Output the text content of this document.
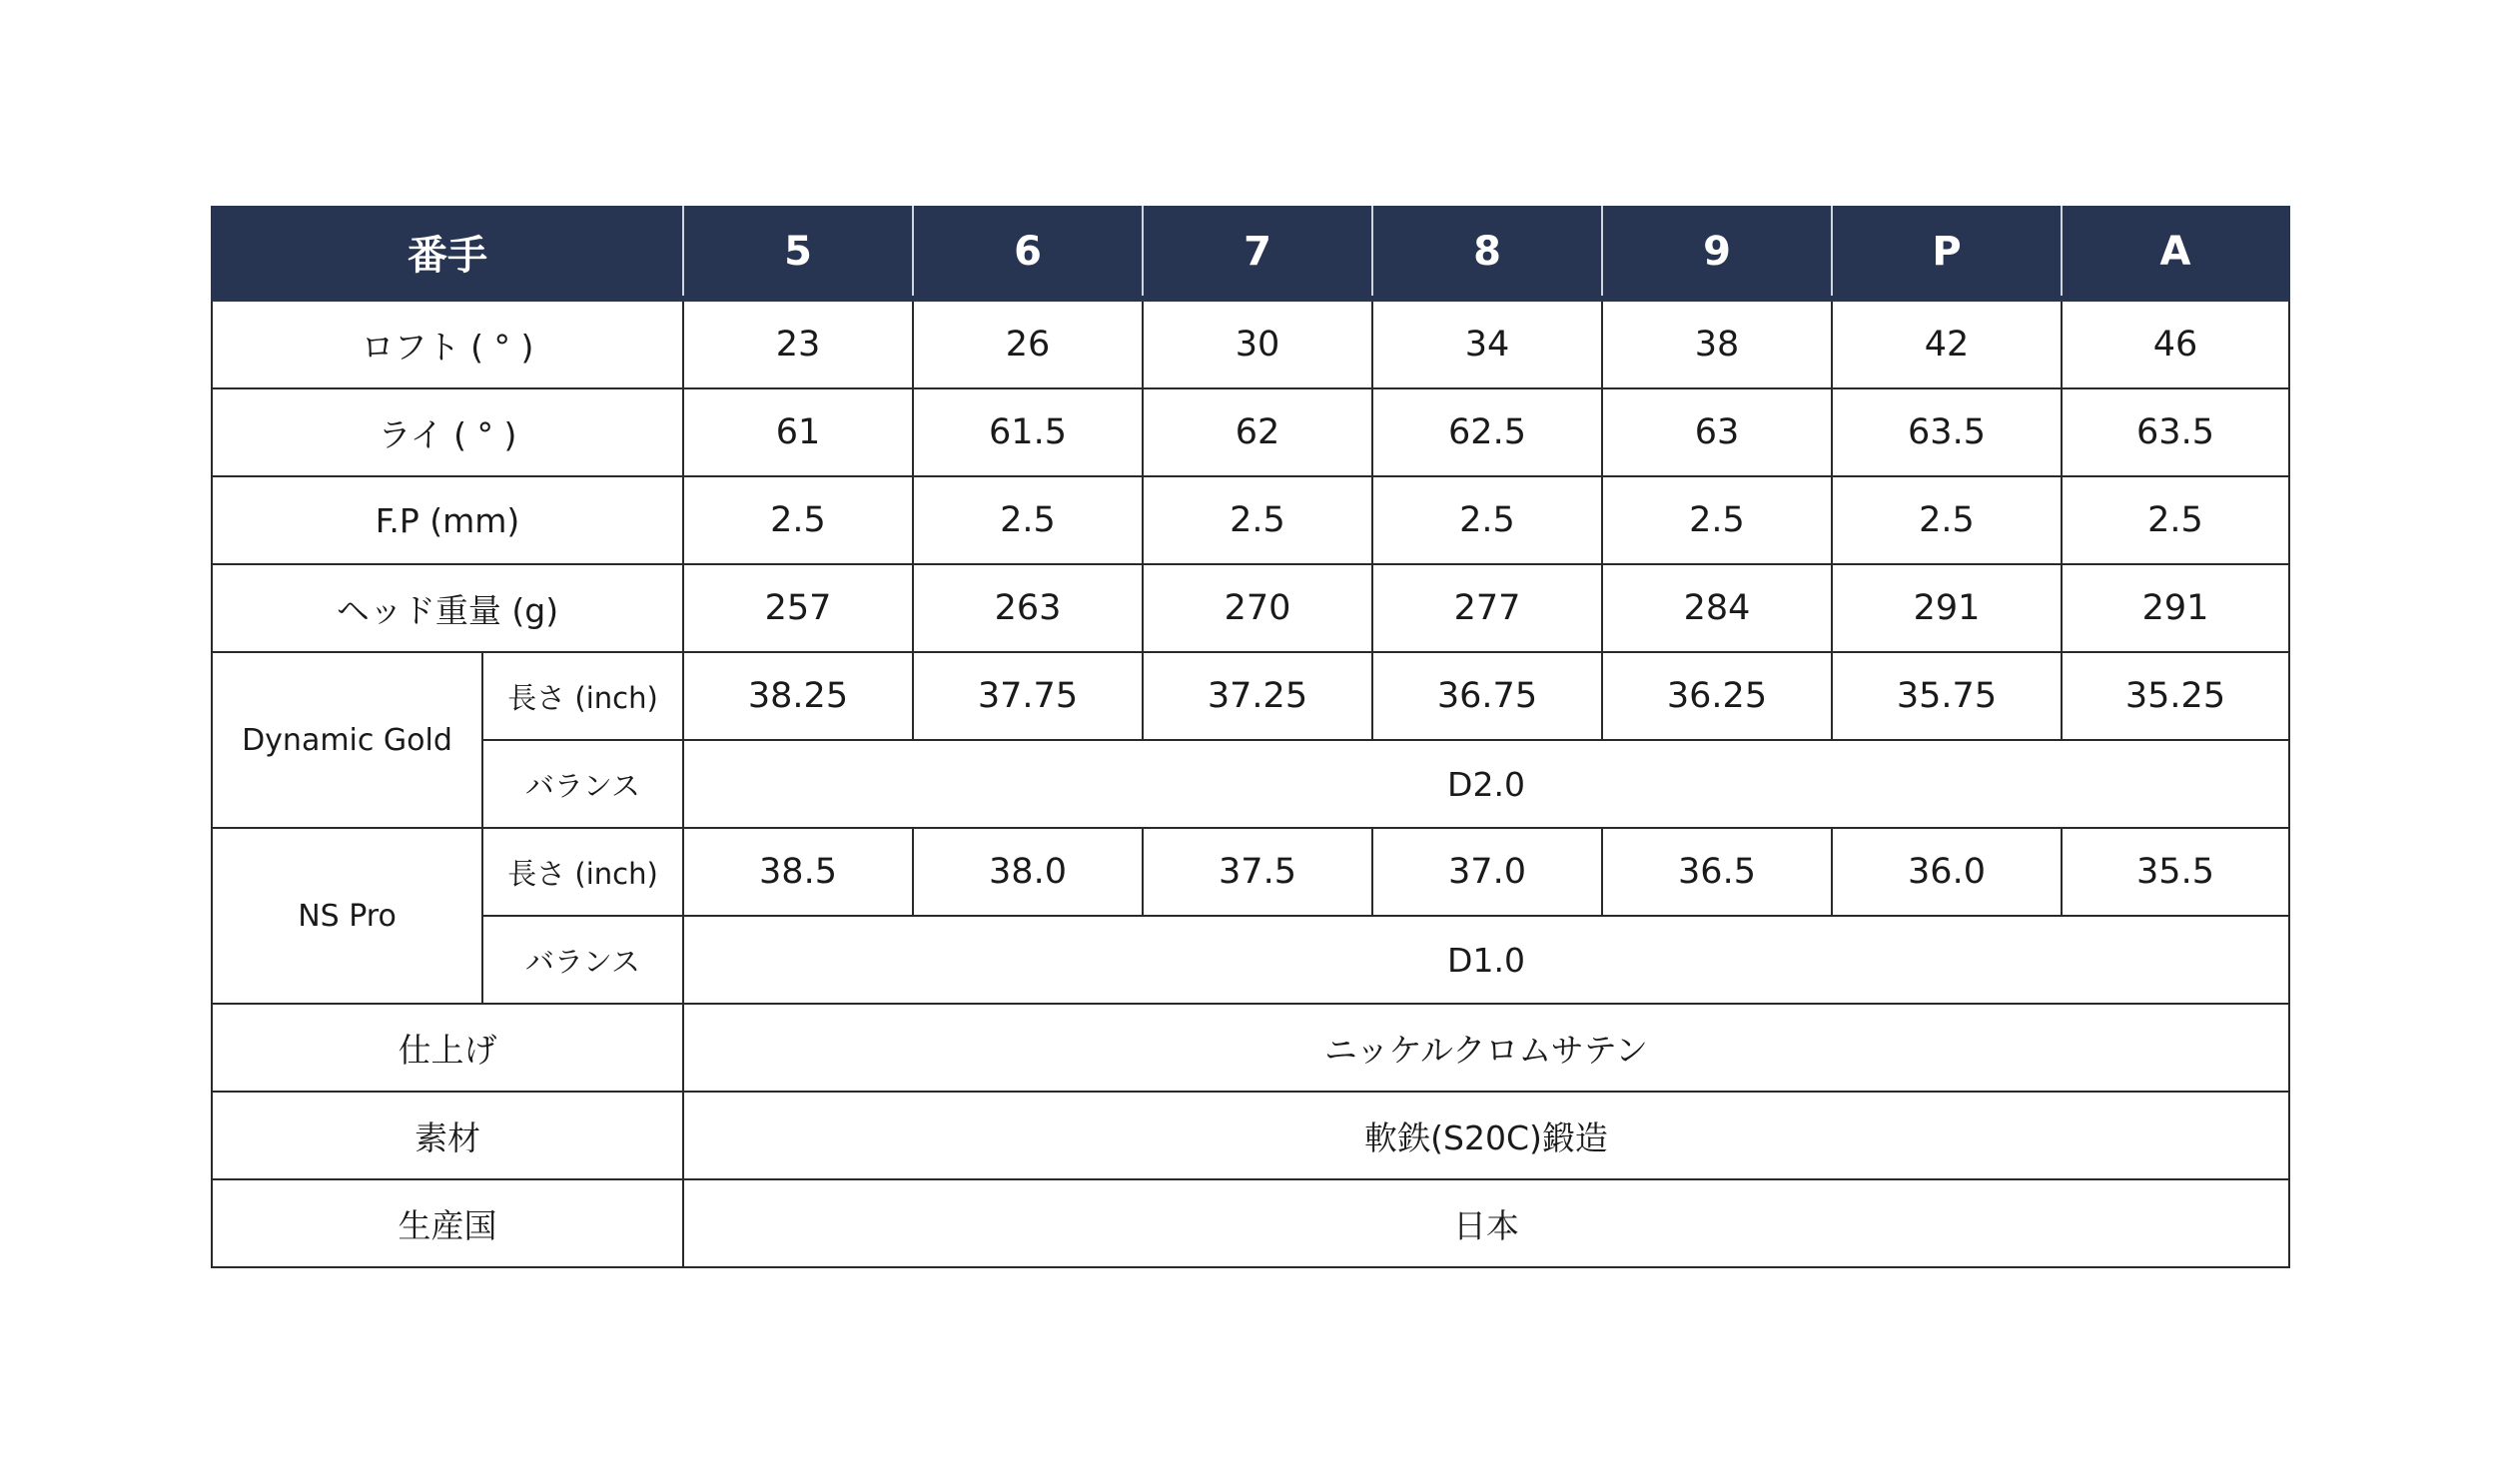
番手		5	6	7	8	9	P	A
ロフト ( ° )		23	26	30	34	38	42	46
ライ ( ° )		61	61.5	62	62.5	63	63.5	63.5
F.P (mm)		2.5	2.5	2.5	2.5	2.5	2.5	2.5
ヘッド重量 (g)		257	263	270	277	284	291	291
Dynamic Gold	長さ (inch)	38.25	37.75	37.25	36.75	36.25	35.75	35.25
	バランス	D2.0						
NS Pro	長さ (inch)	38.5	38.0	37.5	37.0	36.5	36.0	35.5
	バランス	D1.0						
仕上げ		ニッケルクロムサテン						
素材		軟鉄(S20C)鍛造						
生産国		日本						
